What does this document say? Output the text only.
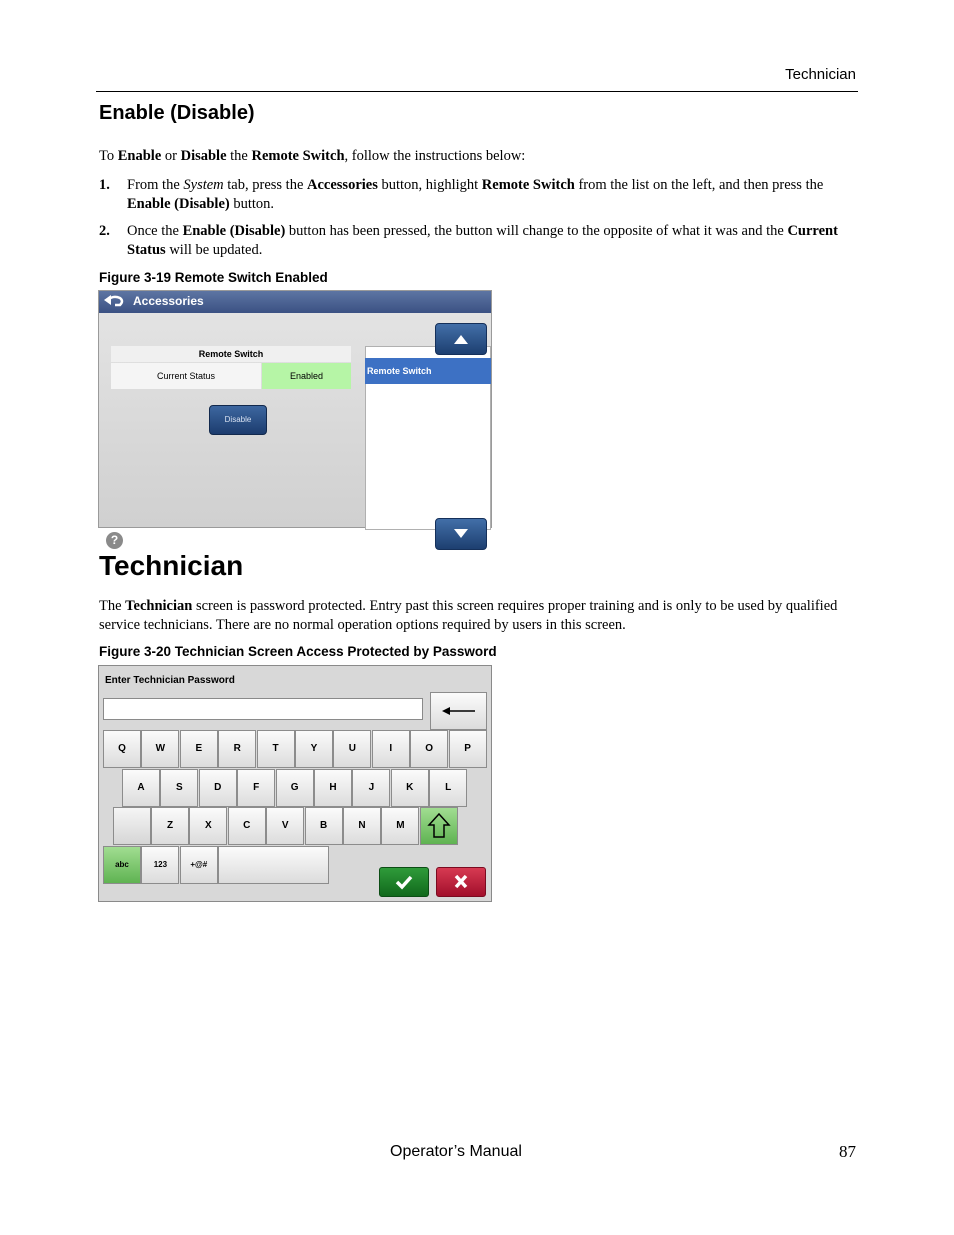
Technician
Enable (Disable)
To Enable or Disable the Remote Switch, follow the instructions below:
1. From the System tab, press the Accessories button, highlight Remote Switch from the list on the left, and then press the Enable (Disable) button.
2. Once the Enable (Disable) button has been pressed, the button will change to the opposite of what it was and the Current Status will be updated.
Figure 3-19 Remote Switch Enabled
Accessories
Remote Switch
Current Status	Enabled
Disable
Remote Switch
?
Technician
The Technician screen is password protected. Entry past this screen requires proper training and is only to be used by qualified service technicians. There are no normal operation options required by users in this screen.
Figure 3-20 Technician Screen Access Protected by Password
Enter Technician Password
Q	W	E	R	T	Y	U	I	O	P
A	S	D	F	G	H	J	K	L
Z	X	C	V	B	N	M
abc	123	+@#
Operator’s Manual	87
